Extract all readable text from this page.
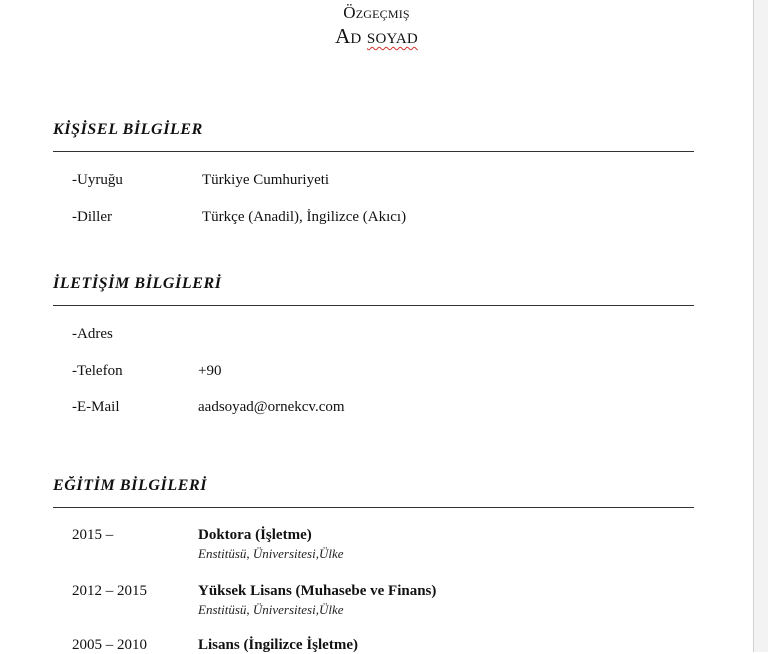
Özgeçmiş
Ad soyad
KİŞİSEL BİLGİLER
-Uyruğu	Türkiye Cumhuriyeti
-Diller	Türkçe (Anadil), İngilizce (Akıcı)
İLETİŞİM BİLGİLERİ
-Adres
-Telefon	+90
-E-Mail	aadsoyad@ornekcv.com
EĞİTİM BİLGİLERİ
2015 –	Doktora (İşletme)
Enstitüsü, Üniversitesi,Ülke
2012 – 2015	Yüksek Lisans (Muhasebe ve Finans)
Enstitüsü, Üniversitesi,Ülke
2005 – 2010	Lisans (İngilizce İşletme)
